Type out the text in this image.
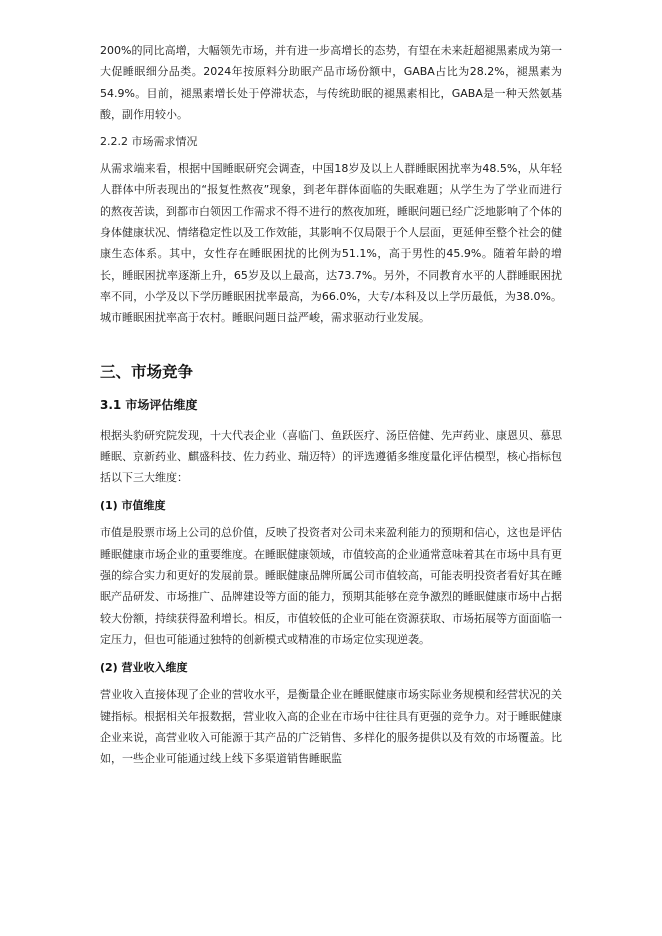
200%的同比高增，大幅领先市场，并有进一步高增长的态势，有望在未来赶超褪黑素成为第一大促睡眠细分品类。2024年按原料分助眠产品市场份额中，GABA占比为28.2%，褪黑素为54.9%。目前，褪黑素增长处于停滞状态，与传统助眠的褪黑素相比，GABA是一种天然氨基酸，副作用较小。

2.2.2 市场需求情况

从需求端来看，根据中国睡眠研究会调查，中国18岁及以上人群睡眠困扰率为48.5%，从年轻人群体中所表现出的“报复性熬夜”现象，到老年群体面临的失眠难题；从学生为了学业而进行的熬夜苦读，到都市白领因工作需求不得不进行的熬夜加班，睡眠问题已经广泛地影响了个体的身体健康状况、情绪稳定性以及工作效能，其影响不仅局限于个人层面，更延伸至整个社会的健康生态体系。其中，女性存在睡眠困扰的比例为51.1%，高于男性的45.9%。随着年龄的增长，睡眠困扰率逐渐上升，65岁及以上最高，达73.7%。另外，不同教育水平的人群睡眠困扰率不同，小学及以下学历睡眠困扰率最高，为66.0%，大专/本科及以上学历最低，为38.0%。城市睡眠困扰率高于农村。睡眠问题日益严峻，需求驱动行业发展。

三、市场竞争
3.1 市场评估维度

根据头豹研究院发现，十大代表企业（喜临门、鱼跃医疗、汤臣倍健、先声药业、康恩贝、慕思睡眠、京新药业、麒盛科技、佐力药业、瑞迈特）的评选遵循多维度量化评估模型，核心指标包括以下三大维度：

(1) 市值维度

市值是股票市场上公司的总价值，反映了投资者对公司未来盈利能力的预期和信心，这也是评估睡眠健康市场企业的重要维度。在睡眠健康领域，市值较高的企业通常意味着其在市场中具有更强的综合实力和更好的发展前景。睡眠健康品牌所属公司市值较高，可能表明投资者看好其在睡眠产品研发、市场推广、品牌建设等方面的能力，预期其能够在竞争激烈的睡眠健康市场中占据较大份额，持续获得盈利增长。相反，市值较低的企业可能在资源获取、市场拓展等方面面临一定压力，但也可能通过独特的创新模式或精准的市场定位实现逆袭。

(2) 营业收入维度

营业收入直接体现了企业的营收水平，是衡量企业在睡眠健康市场实际业务规模和经营状况的关键指标。根据相关年报数据，营业收入高的企业在市场中往往具有更强的竞争力。对于睡眠健康企业来说，高营业收入可能源于其产品的广泛销售、多样化的服务提供以及有效的市场覆盖。比如，一些企业可能通过线上线下多渠道销售睡眠监
